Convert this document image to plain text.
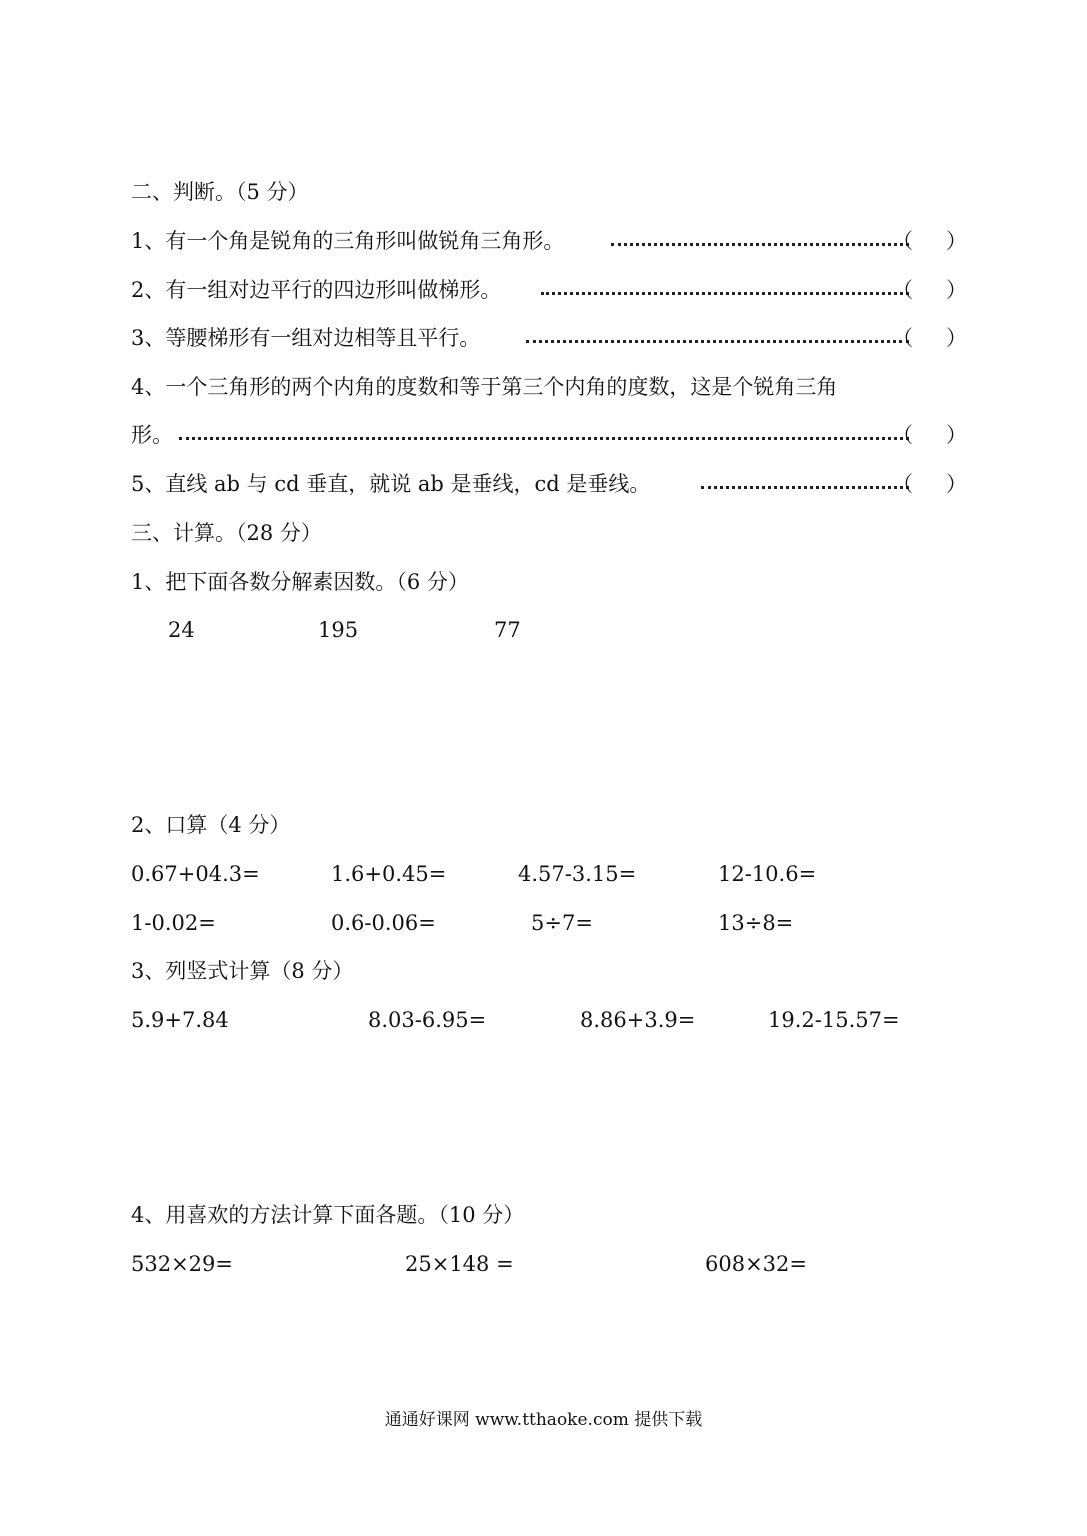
二、判断。（5 分）
1、有一个角是锐角的三角形叫做锐角三角形。	（ ）
2、有一组对边平行的四边形叫做梯形。	（ ）
3、等腰梯形有一组对边相等且平行。	（ ）
4、一个三角形的两个内角的度数和等于第三个内角的度数，这是个锐角三角
形。	（ ）
5、直线 ab 与 cd 垂直，就说 ab 是垂线，cd 是垂线。	（ ）
三、计算。（28 分）
1、把下面各数分解素因数。（6 分）
24	195	77
2、口算（4 分）
0.67+04.3=	1.6+0.45=	4.57-3.15=	12-10.6=
1-0.02=	0.6-0.06=	5÷7=	13÷8=
3、列竖式计算（8 分）
5.9+7.84	8.03-6.95=	8.86+3.9=	19.2-15.57=
4、用喜欢的方法计算下面各题。（10 分）
532×29=	25×148 =	608×32=
通通好课网 www.tthaoke.com 提供下载
